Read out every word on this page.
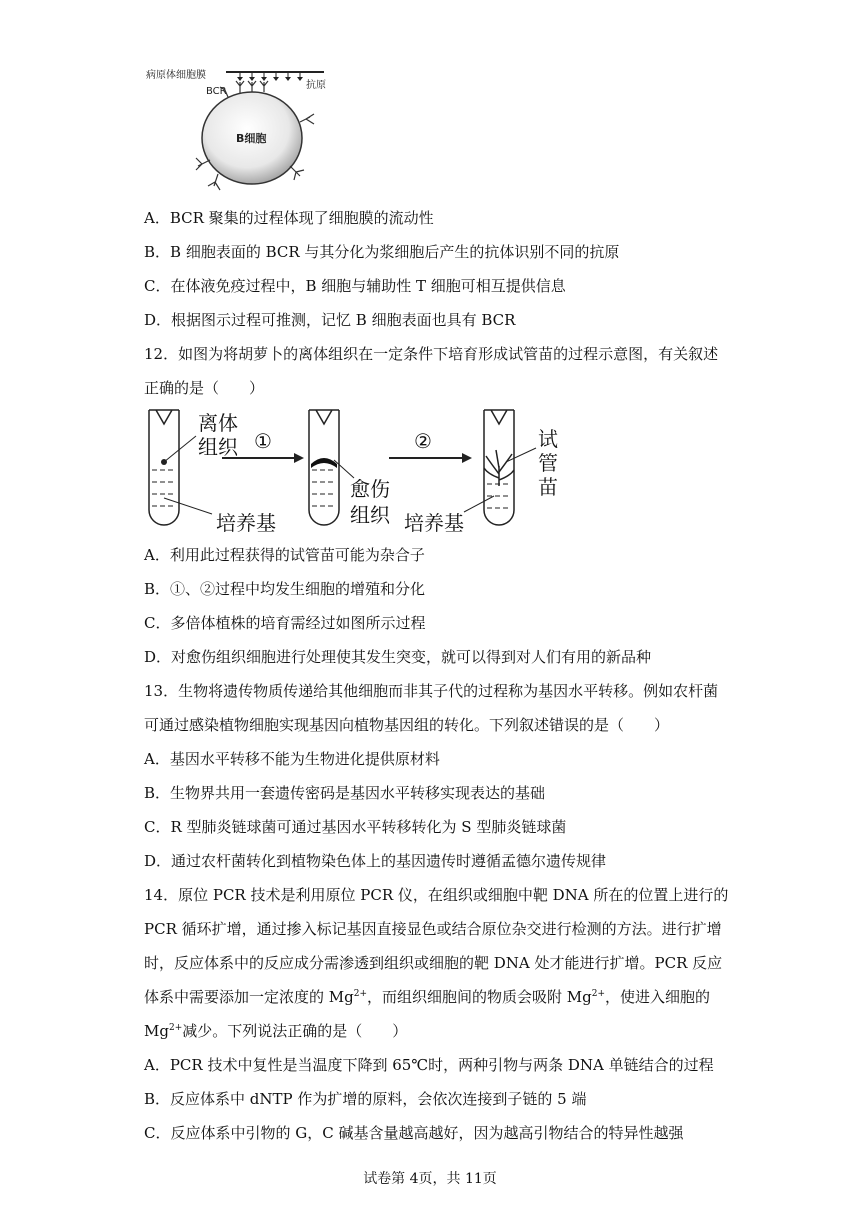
病原体细胞膜
BCR
抗原
B细胞
A．BCR 聚集的过程体现了细胞膜的流动性
B．B 细胞表面的 BCR 与其分化为浆细胞后产生的抗体识别不同的抗原
C．在体液免疫过程中，B 细胞与辅助性 T 细胞可相互提供信息
D．根据图示过程可推测，记忆 B 细胞表面也具有 BCR
12．如图为将胡萝卜的离体组织在一定条件下培育形成试管苗的过程示意图，有关叙述
正确的是（　　）
离体
组织 ①
培养基
愈伤
组织
②
培养基
试
管
苗
A．利用此过程获得的试管苗可能为杂合子
B．①、②过程中均发生细胞的增殖和分化
C．多倍体植株的培育需经过如图所示过程
D．对愈伤组织细胞进行处理使其发生突变，就可以得到对人们有用的新品种
13．生物将遗传物质传递给其他细胞而非其子代的过程称为基因水平转移。例如农杆菌
可通过感染植物细胞实现基因向植物基因组的转化。下列叙述错误的是（　　）
A．基因水平转移不能为生物进化提供原材料
B．生物界共用一套遗传密码是基因水平转移实现表达的基础
C．R 型肺炎链球菌可通过基因水平转移转化为 S 型肺炎链球菌
D．通过农杆菌转化到植物染色体上的基因遗传时遵循孟德尔遗传规律
14．原位 PCR 技术是利用原位 PCR 仪，在组织或细胞中靶 DNA 所在的位置上进行的
PCR 循环扩增，通过掺入标记基因直接显色或结合原位杂交进行检测的方法。进行扩增
时，反应体系中的反应成分需渗透到组织或细胞的靶 DNA 处才能进行扩增。PCR 反应
体系中需要添加一定浓度的 $Mg^{2+}$，而组织细胞间的物质会吸附 $Mg^{2+}$，使进入细胞的
$Mg^{2+}$减少。下列说法正确的是（　　）
A．PCR 技术中复性是当温度下降到 65℃时，两种引物与两条 DNA 单链结合的过程
B．反应体系中 dNTP 作为扩增的原料，会依次连接到子链的 5 端
C．反应体系中引物的 G，C 碱基含量越高越好，因为越高引物结合的特异性越强
试卷第 4页，共 11页
